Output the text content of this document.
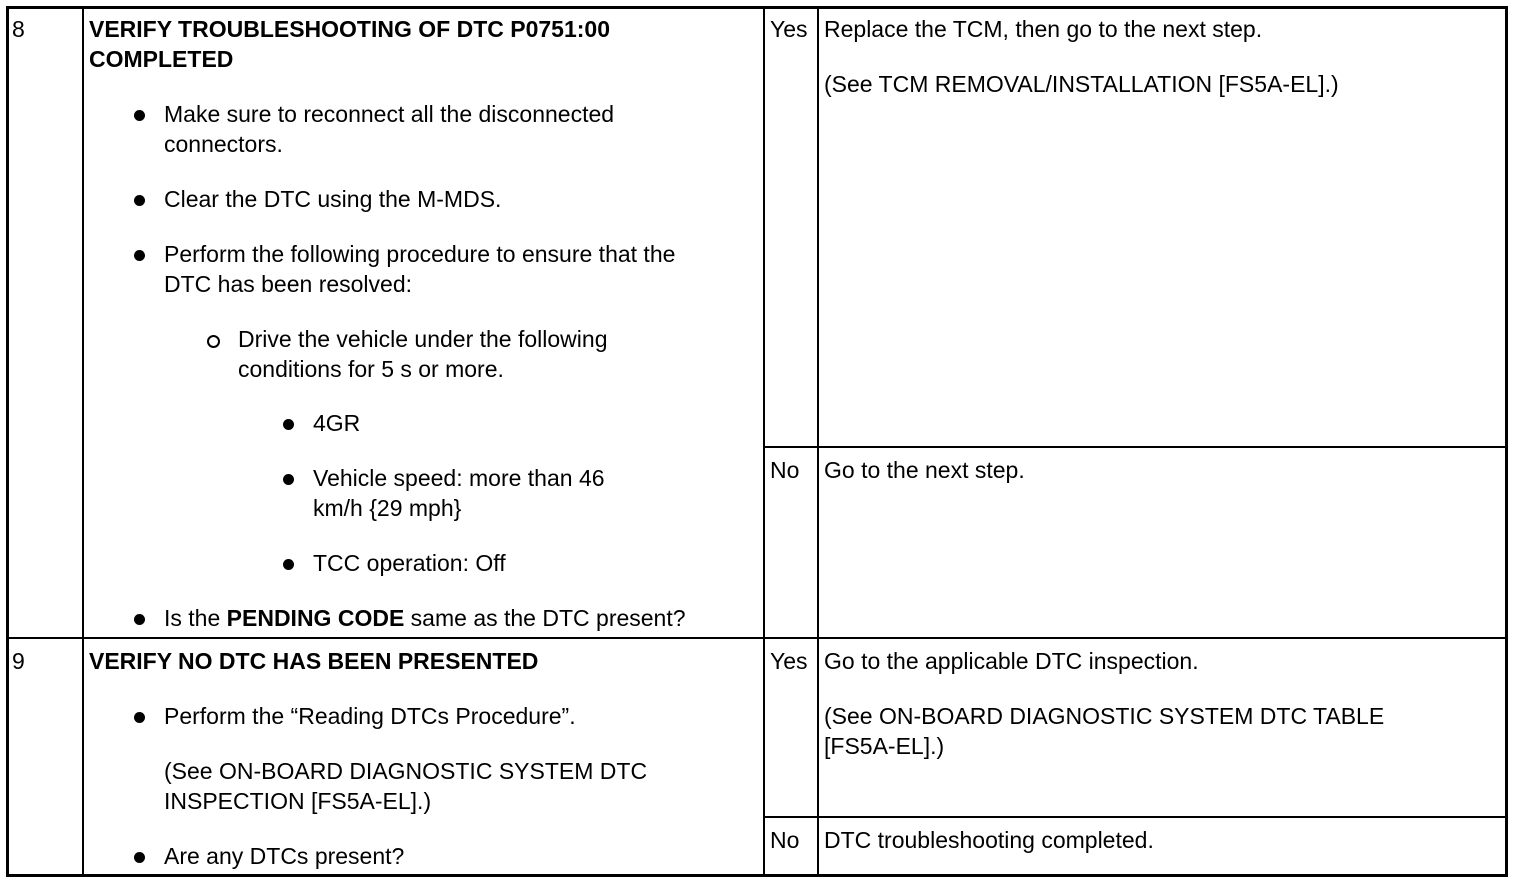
8	VERIFY TROUBLESHOOTING OF DTC P0751:00
COMPLETED
Make sure to reconnect all the disconnected
connectors.
Clear the DTC using the M-MDS.
Perform the following procedure to ensure that the
DTC has been resolved:
Drive the vehicle under the following
conditions for 5 s or more.
4GR
Vehicle speed: more than 46
km/h {29 mph}
TCC operation: Off
Is the PENDING CODE same as the DTC present?
Yes Replace the TCM, then go to the next step.
(See TCM REMOVAL/INSTALLATION [FS5A-EL].)
No Go to the next step.
9	VERIFY NO DTC HAS BEEN PRESENTED
Perform the “Reading DTCs Procedure”.
(See ON-BOARD DIAGNOSTIC SYSTEM DTC
INSPECTION [FS5A-EL].)
Are any DTCs present?
Yes Go to the applicable DTC inspection.
(See ON-BOARD DIAGNOSTIC SYSTEM DTC TABLE
[FS5A-EL].)
No DTC troubleshooting completed.
